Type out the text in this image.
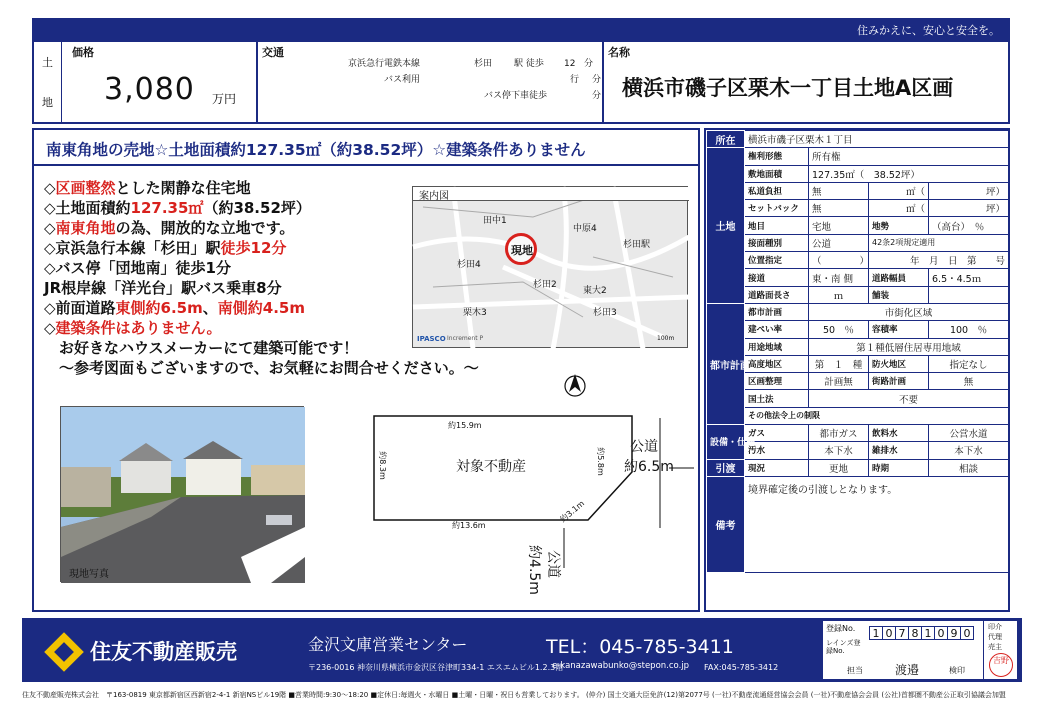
住みかえに、安心と安全を。
土
地
価格
3,080 万円
交通
京浜急行電鉄本線	杉田 駅 徒歩 12 分
バス利用	行 分
バス停下車徒歩	分
名称
横浜市磯子区栗木一丁目土地A区画
南東角地の売地☆土地面積約127.35㎡（約38.52坪）☆建築条件ありません
◇区画整然とした閑静な住宅地
◇土地面積約127.35㎡（約38.52坪）
◇南東角地の為、開放的な立地です。
◇京浜急行本線「杉田」駅徒歩12分
◇バス停「団地南」徒歩1分
JR根岸線「洋光台」駅バス乗車8分
◇前面道路東側約6.5m、南側約4.5m
◇建築条件はありません。
　お好きなハウスメーカーにて建築可能です！
　～参考図面もございますので、お気軽にお問合せください。～
案内図
田中1
中原4
杉田駅
杉田2
東大2
杉田3
杉田4
栗木3
現地
IPASCO Increment P	100m
現地写真
約15.9m
約8.3m	約5.8m
約13.6m
約3.1m
対象不動産
公道
約6.5m
公道
約4.5m
所在	横浜市磯子区栗木１丁目			
土地	権利形態	所有権		
	敷地面積	127.35㎡（　38.52坪）		
	私道負担	無	㎡（	坪）
	セットバック	無	㎡（	坪）
	地目	宅地	地勢	（高台）　 ％
	接面種別	公道	42条2項規定適用	
	位置指定	（　　　　）	年　月　日　第　　号	
	接道	東・南 側	道路幅員	6.5・4.5ｍ
	道路面長さ	ｍ	舗装	
都市計画	都市計画	市街化区域		
	建ぺい率	50　％	容積率	100　％
	用途地域	第１種低層住居専用地域		
	高度地区	第　１　種	防火地区	指定なし
	区画整理	計画無	街路計画	無
	国土法	不要		
	その他法令上の制限			
設備・仕様	ガス	都市ガス	飲料水	公営水道
	汚水	本下水	雑排水	本下水
引渡	現況	更地	時期	相談
備考	境界確定後の引渡しとなります。			
住友不動産販売	金沢文庫営業センター	TEL：045-785-3411
〒236-0016 神奈川県横浜市金沢区谷津町334-1 エスエムビル1.2.3階
e-kanazawabunko@stepon.co.jp FAX:045-785-3412
登録No.	1 0 7 8 1 0 9 0
レインズ登録No.
担当	渡邉	検印
印介
代理
売主
吉野
住友不動産販売株式会社　〒163-0819 東京都新宿区西新宿2-4-1 新宿NSビル19階 ■営業時間:9:30～18:20 ■定休日:毎週火・水曜日 ■土曜・日曜・祝日も営業しております。 (仲介) 国土交通大臣免許(12)第2077号 (一社)不動産流通経営協会会員 (一社)不動産協会会員 (公社)首都圏不動産公正取引協議会加盟
